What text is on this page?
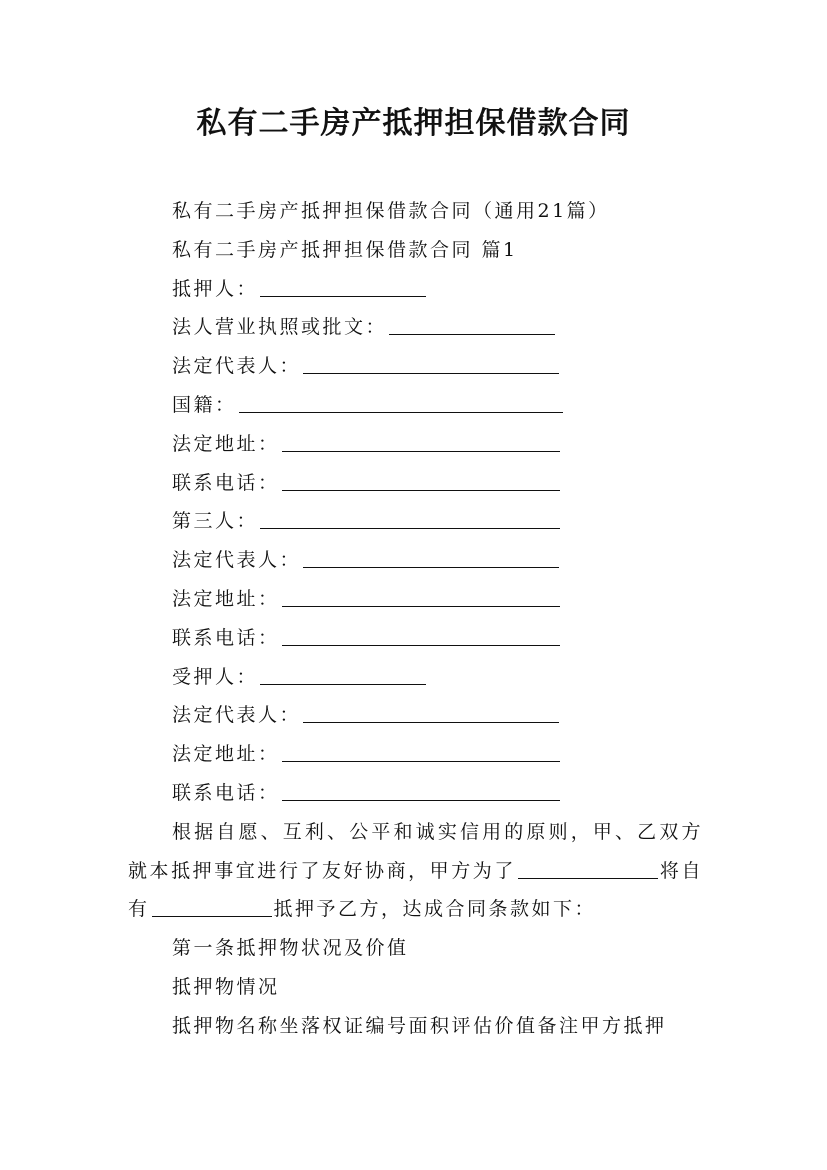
私有二手房产抵押担保借款合同
私有二手房产抵押担保借款合同（通用21篇）
私有二手房产抵押担保借款合同 篇1
抵押人：
法人营业执照或批文：
法定代表人：
国籍：
法定地址：
联系电话：
第三人：
法定代表人：
法定地址：
联系电话：
受押人：
法定代表人：
法定地址：
联系电话：
根据自愿、互利、公平和诚实信用的原则，甲、乙双方就本抵押事宜进行了友好协商，甲方为了	将自有	抵押予乙方，达成合同条款如下：
第一条抵押物状况及价值
抵押物情况
抵押物名称坐落权证编号面积评估价值备注甲方抵押
